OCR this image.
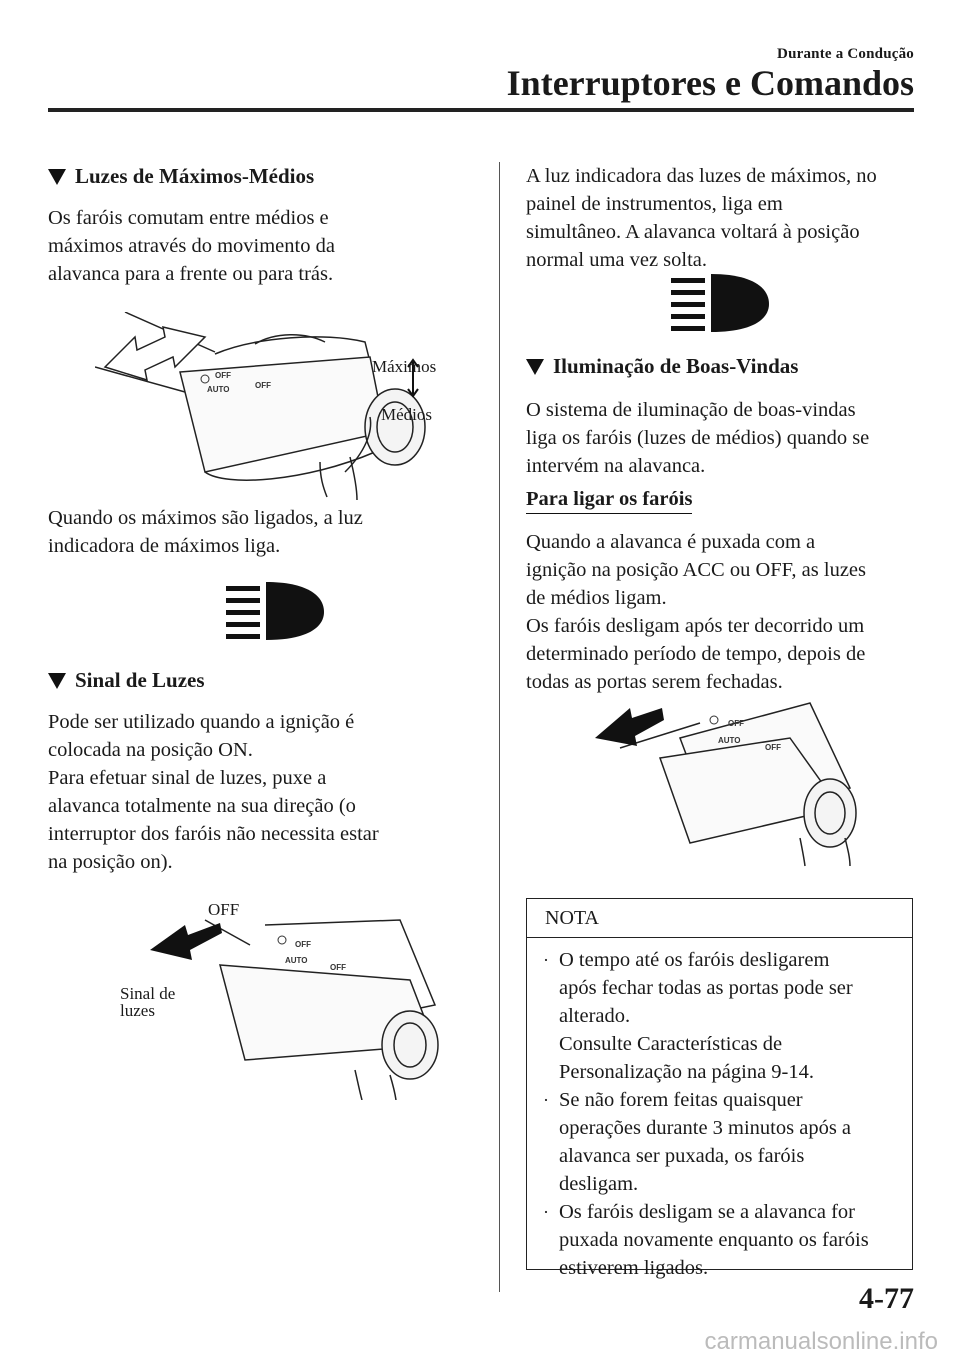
Durante a Condução
Interruptores e Comandos
Luzes de Máximos-Médios
Os faróis comutam entre médios e
máximos através do movimento da
alavanca para a frente ou para trás.
OFF
AUTO	OFF
Máximos
Médios
Quando os máximos são ligados, a luz
indicadora de máximos liga.
Sinal de Luzes
Pode ser utilizado quando a ignição é
colocada na posição ON.
Para efetuar sinal de luzes, puxe a
alavanca totalmente na sua direção (o
interruptor dos faróis não necessita estar
na posição on).
OFF
AUTO
OFF
OFF
Sinal de
luzes
A luz indicadora das luzes de máximos, no
painel de instrumentos, liga em
simultâneo. A alavanca voltará à posição
normal uma vez solta.
Iluminação de Boas-Vindas
O sistema de iluminação de boas-vindas
liga os faróis (luzes de médios) quando se
intervém na alavanca.
Para ligar os faróis
Quando a alavanca é puxada com a
ignição na posição ACC ou OFF, as luzes
de médios ligam.
Os faróis desligam após ter decorrido um
determinado período de tempo, depois de
todas as portas serem fechadas.
OFF
AUTO
OFF
NOTA
· O tempo até os faróis desligarem
após fechar todas as portas pode ser
alterado.
Consulte Características de
Personalização na página 9-14.
· Se não forem feitas quaisquer
operações durante 3 minutos após a
alavanca ser puxada, os faróis
desligam.
· Os faróis desligam se a alavanca for
puxada novamente enquanto os faróis
estiverem ligados.
4-77
carmanualsonline.info
